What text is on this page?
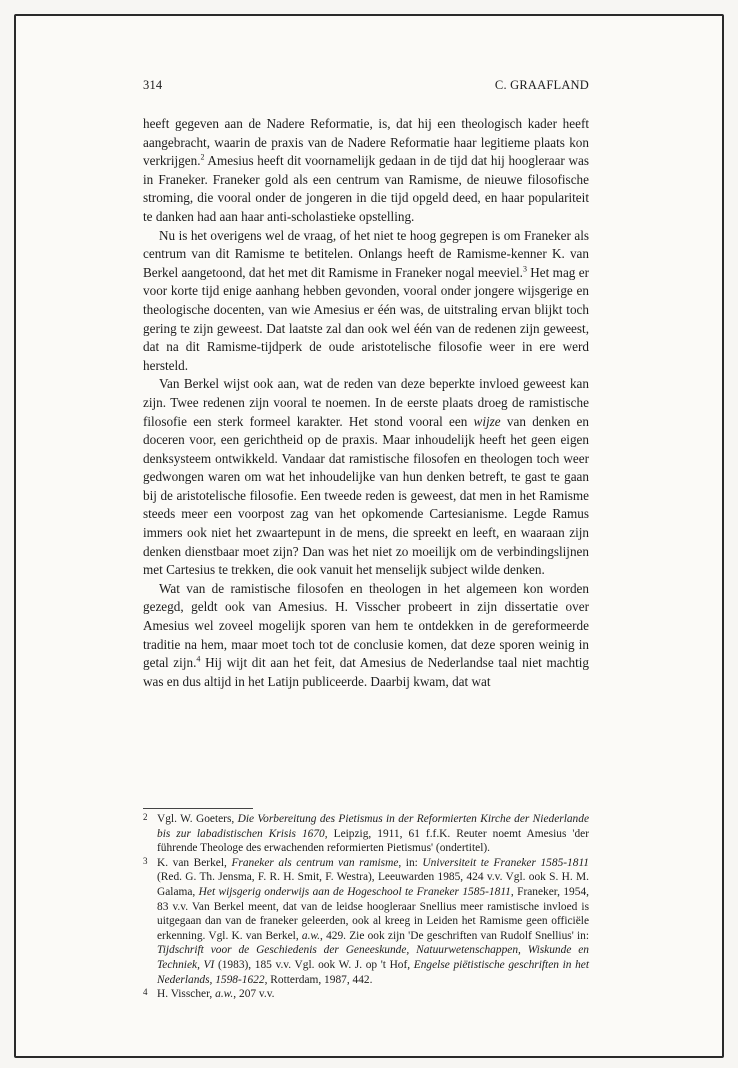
314	C. GRAAFLAND

heeft gegeven aan de Nadere Reformatie, is, dat hij een theologisch kader heeft aangebracht, waarin de praxis van de Nadere Reformatie haar legitieme plaats kon verkrijgen.$^2$ Amesius heeft dit voornamelijk gedaan in de tijd dat hij hoogleraar was in Franeker. Franeker gold als een centrum van Ramisme, de nieuwe filosofische stroming, die vooral onder de jongeren in die tijd opgeld deed, en haar populariteit te danken had aan haar anti-scholastieke opstelling.

Nu is het overigens wel de vraag, of het niet te hoog gegrepen is om Franeker als centrum van dit Ramisme te betitelen. Onlangs heeft de Ramisme-kenner K. van Berkel aangetoond, dat het met dit Ramisme in Franeker nogal meeviel.$^3$ Het mag er voor korte tijd enige aanhang hebben gevonden, vooral onder jongere wijsgerige en theologische docenten, van wie Amesius er één was, de uitstraling ervan blijkt toch gering te zijn geweest. Dat laatste zal dan ook wel één van de redenen zijn geweest, dat na dit Ramisme-tijdperk de oude aristotelische filosofie weer in ere werd hersteld.

Van Berkel wijst ook aan, wat de reden van deze beperkte invloed geweest kan zijn. Twee redenen zijn vooral te noemen. In de eerste plaats droeg de ramistische filosofie een sterk formeel karakter. Het stond vooral een wijze van denken en doceren voor, een gerichtheid op de praxis. Maar inhoudelijk heeft het geen eigen denksysteem ontwikkeld. Vandaar dat ramistische filosofen en theologen toch weer gedwongen waren om wat het inhoudelijke van hun denken betreft, te gast te gaan bij de aristotelische filosofie. Een tweede reden is geweest, dat men in het Ramisme steeds meer een voorpost zag van het opkomende Cartesianisme. Legde Ramus immers ook niet het zwaartepunt in de mens, die spreekt en leeft, en waaraan zijn denken dienstbaar moet zijn? Dan was het niet zo moeilijk om de verbindingslijnen met Cartesius te trekken, die ook vanuit het menselijk subject wilde denken.

Wat van de ramistische filosofen en theologen in het algemeen kon worden gezegd, geldt ook van Amesius. H. Visscher probeert in zijn dissertatie over Amesius wel zoveel mogelijk sporen van hem te ontdekken in de gereformeerde traditie na hem, maar moet toch tot de conclusie komen, dat deze sporen weinig in getal zijn.$^4$ Hij wijt dit aan het feit, dat Amesius de Nederlandse taal niet machtig was en dus altijd in het Latijn publiceerde. Daarbij kwam, dat wat

2 Vgl. W. Goeters, Die Vorbereitung des Pietismus in der Reformierten Kirche der Niederlande bis zur labadistischen Krisis 1670, Leipzig, 1911, 61 f.f.K. Reuter noemt Amesius 'der führende Theologe des erwachenden reformierten Pietismus' (ondertitel).

3 K. van Berkel, Franeker als centrum van ramisme, in: Universiteit te Franeker 1585-1811 (Red. G. Th. Jensma, F. R. H. Smit, F. Westra), Leeuwarden 1985, 424 v.v. Vgl. ook S. H. M. Galama, Het wijsgerig onderwijs aan de Hogeschool te Franeker 1585-1811, Franeker, 1954, 83 v.v. Van Berkel meent, dat van de leidse hoogleraar Snellius meer ramistische invloed is uitgegaan dan van de franeker geleerden, ook al kreeg in Leiden het Ramisme geen officiële erkenning. Vgl. K. van Berkel, a.w., 429. Zie ook zijn 'De geschriften van Rudolf Snellius' in: Tijdschrift voor de Geschiedenis der Geneeskunde, Natuurwetenschappen, Wiskunde en Techniek, VI (1983), 185 v.v. Vgl. ook W. J. op 't Hof, Engelse piëtistische geschriften in het Nederlands, 1598-1622, Rotterdam, 1987, 442.

4 H. Visscher, a.w., 207 v.v.
